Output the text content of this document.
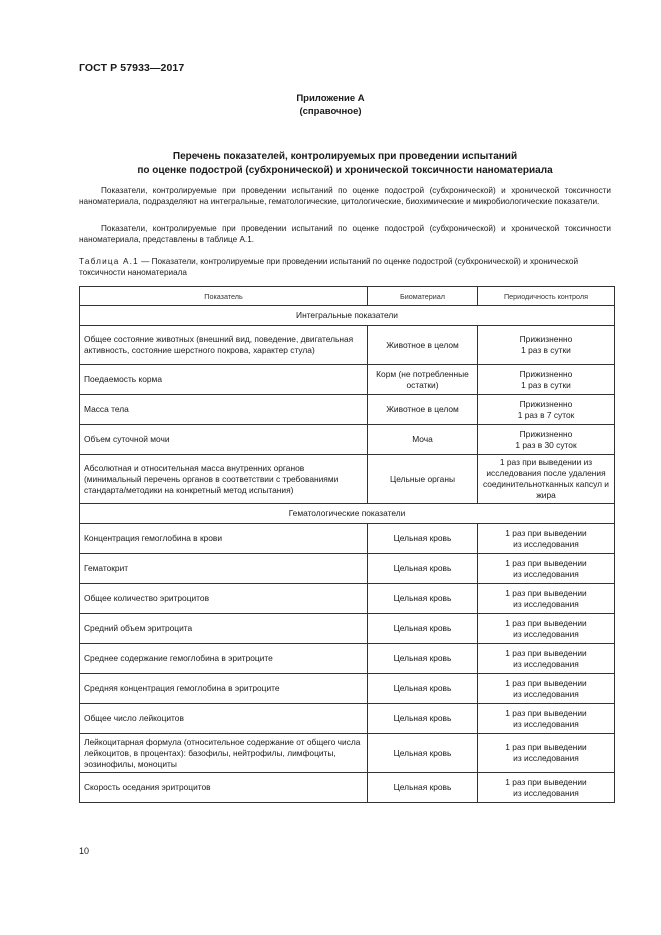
ГОСТ Р 57933—2017
Приложение А
(справочное)
Перечень показателей, контролируемых при проведении испытаний
по оценке подострой (субхронической) и хронической токсичности наноматериала
Показатели, контролируемые при проведении испытаний по оценке подострой (субхронической) и хронической токсичности наноматериала, подразделяют на интегральные, гематологические, цитологические, биохимические и микробиологические показатели.
Показатели, контролируемые при проведении испытаний по оценке подострой (субхронической) и хронической токсичности наноматериала, представлены в таблице А.1.
Таблица А.1 — Показатели, контролируемые при проведении испытаний по оценке подострой (субхронической) и хронической токсичности наноматериала
Показатель	Биоматериал	Периодичность контроля
Интегральные показатели		
Общее состояние животных (внешний вид, поведение, двигательная активность, состояние шерстного покрова, характер стула)	Животное в целом	Прижизненно
1 раз в сутки
Поедаемость корма	Корм (не потребленные остатки)	Прижизненно
1 раз в сутки
Масса тела	Животное в целом	Прижизненно
1 раз в 7 суток
Объем суточной мочи	Моча	Прижизненно
1 раз в 30 суток
Абсолютная и относительная масса внутренних органов (минимальный перечень органов в соответствии с требованиями стандарта/методики на конкретный метод испытания)	Цельные органы	1 раз при выведении из исследования после удаления соединительнотканных капсул и жира
Гематологические показатели		
Концентрация гемоглобина в крови	Цельная кровь	1 раз при выведении
из исследования
Гематокрит	Цельная кровь	1 раз при выведении
из исследования
Общее количество эритроцитов	Цельная кровь	1 раз при выведении
из исследования
Средний объем эритроцита	Цельная кровь	1 раз при выведении
из исследования
Среднее содержание гемоглобина в эритроците	Цельная кровь	1 раз при выведении
из исследования
Средняя концентрация гемоглобина в эритроците	Цельная кровь	1 раз при выведении
из исследования
Общее число лейкоцитов	Цельная кровь	1 раз при выведении
из исследования
Лейкоцитарная формула (относительное содержание от общего числа лейкоцитов, в процентах): базофилы, нейтрофилы, лимфоциты, эозинофилы, моноциты	Цельная кровь	1 раз при выведении
из исследования
Скорость оседания эритроцитов	Цельная кровь	1 раз при выведении
из исследования
10
